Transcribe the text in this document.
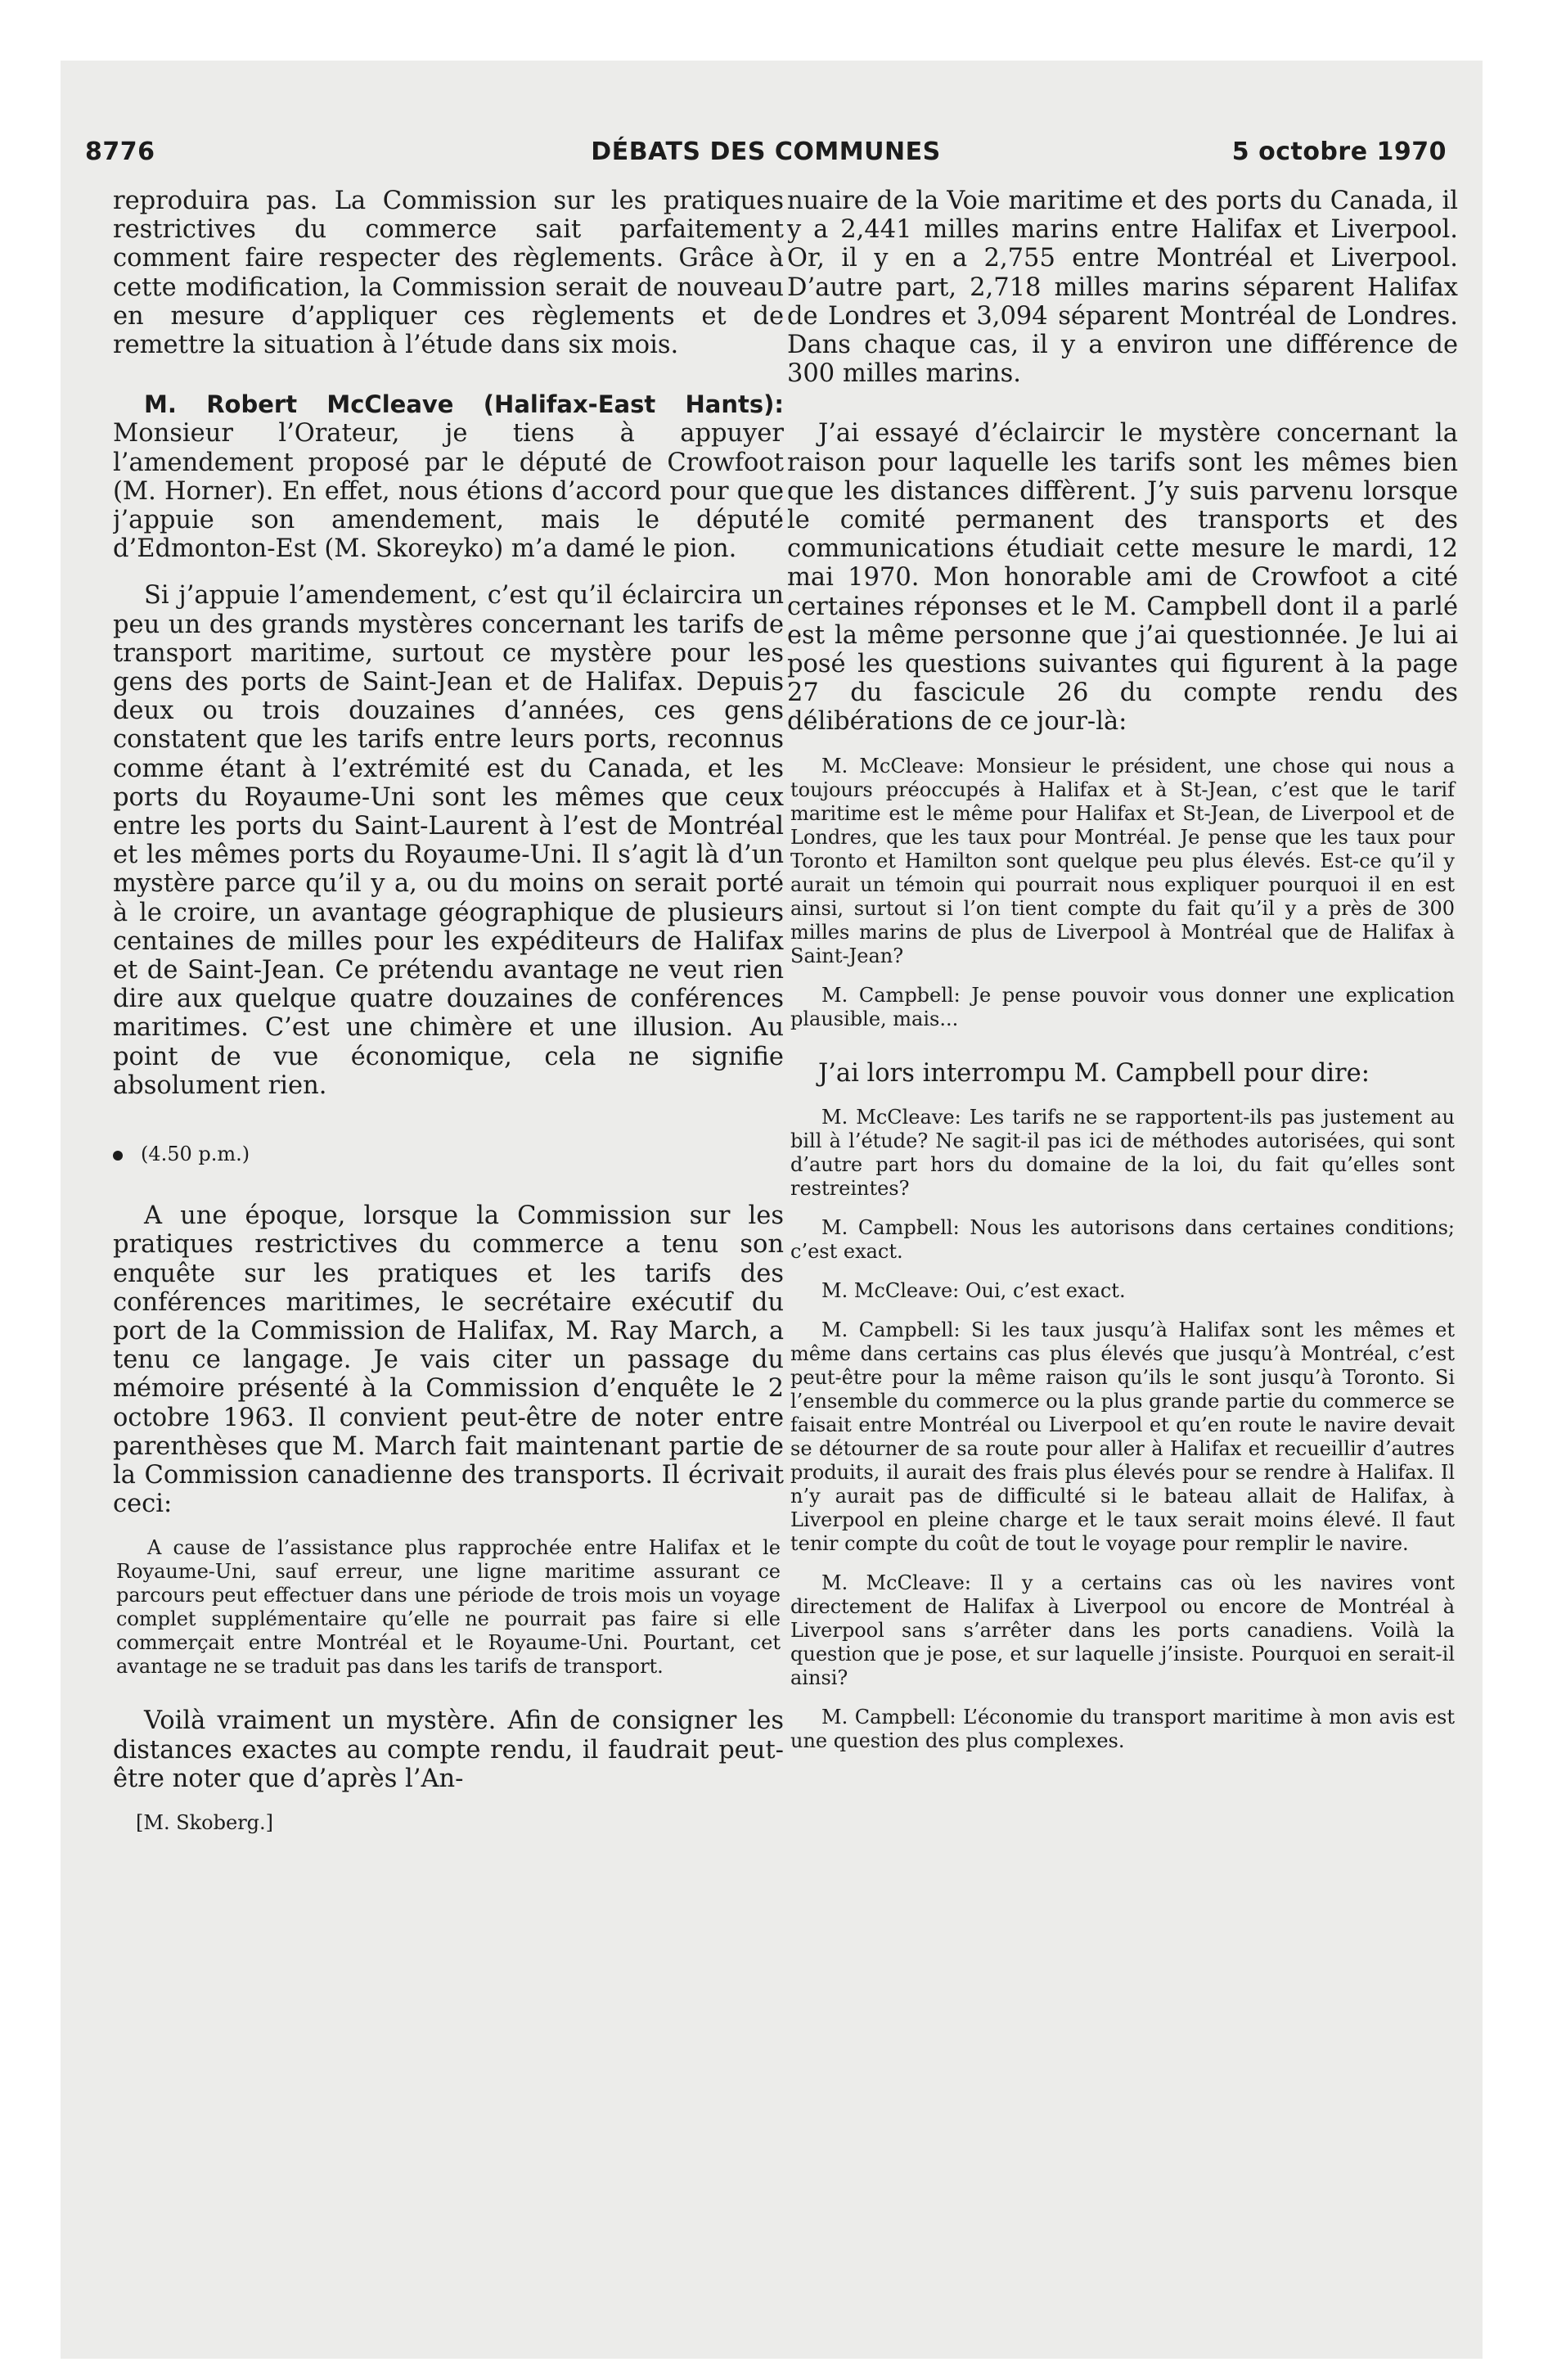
8776	DÉBATS DES COMMUNES	5 octobre 1970

reproduira pas. La Commission sur les pratiques restrictives du commerce sait parfaitement comment faire respecter des règlements. Grâce à cette modification, la Commission serait de nouveau en mesure d’appliquer ces règlements et de remettre la situation à l’étude dans six mois.

M. Robert McCleave (Halifax-East Hants): Monsieur l’Orateur, je tiens à appuyer l’amendement proposé par le député de Crowfoot (M. Horner). En effet, nous étions d’accord pour que j’appuie son amendement, mais le député d’Edmonton-Est (M. Skoreyko) m’a damé le pion.

Si j’appuie l’amendement, c’est qu’il éclaircira un peu un des grands mystères concernant les tarifs de transport maritime, surtout ce mystère pour les gens des ports de Saint-Jean et de Halifax. Depuis deux ou trois douzaines d’années, ces gens constatent que les tarifs entre leurs ports, reconnus comme étant à l’extrémité est du Canada, et les ports du Royaume-Uni sont les mêmes que ceux entre les ports du Saint-Laurent à l’est de Montréal et les mêmes ports du Royaume-Uni. Il s’agit là d’un mystère parce qu’il y a, ou du moins on serait porté à le croire, un avantage géographique de plusieurs centaines de milles pour les expéditeurs de Halifax et de Saint-Jean. Ce prétendu avantage ne veut rien dire aux quelque quatre douzaines de conférences maritimes. C’est une chimère et une illusion. Au point de vue économique, cela ne signifie absolument rien.

(4.50 p.m.)

A une époque, lorsque la Commission sur les pratiques restrictives du commerce a tenu son enquête sur les pratiques et les tarifs des conférences maritimes, le secrétaire exécutif du port de la Commission de Halifax, M. Ray March, a tenu ce langage. Je vais citer un passage du mémoire présenté à la Commission d’enquête le 2 octobre 1963. Il convient peut-être de noter entre parenthèses que M. March fait maintenant partie de la Commission canadienne des transports. Il écrivait ceci:

A cause de l’assistance plus rapprochée entre Halifax et le Royaume-Uni, sauf erreur, une ligne maritime assurant ce parcours peut effectuer dans une période de trois mois un voyage complet supplémentaire qu’elle ne pourrait pas faire si elle commerçait entre Montréal et le Royaume-Uni. Pourtant, cet avantage ne se traduit pas dans les tarifs de transport.

Voilà vraiment un mystère. Afin de consigner les distances exactes au compte rendu, il faudrait peut-être noter que d’après l’An-

[M. Skoberg.]

nuaire de la Voie maritime et des ports du Canada, il y a 2,441 milles marins entre Halifax et Liverpool. Or, il y en a 2,755 entre Montréal et Liverpool. D’autre part, 2,718 milles marins séparent Halifax de Londres et 3,094 séparent Montréal de Londres. Dans chaque cas, il y a environ une différence de 300 milles marins.

J’ai essayé d’éclaircir le mystère concernant la raison pour laquelle les tarifs sont les mêmes bien que les distances diffèrent. J’y suis parvenu lorsque le comité permanent des transports et des communications étudiait cette mesure le mardi, 12 mai 1970. Mon honorable ami de Crowfoot a cité certaines réponses et le M. Campbell dont il a parlé est la même personne que j’ai questionnée. Je lui ai posé les questions suivantes qui figurent à la page 27 du fascicule 26 du compte rendu des délibérations de ce jour-là:

M. McCleave: Monsieur le président, une chose qui nous a toujours préoccupés à Halifax et à St-Jean, c’est que le tarif maritime est le même pour Halifax et St-Jean, de Liverpool et de Londres, que les taux pour Montréal. Je pense que les taux pour Toronto et Hamilton sont quelque peu plus élevés. Est-ce qu’il y aurait un témoin qui pourrait nous expliquer pourquoi il en est ainsi, surtout si l’on tient compte du fait qu’il y a près de 300 milles marins de plus de Liverpool à Montréal que de Halifax à Saint-Jean?

M. Campbell: Je pense pouvoir vous donner une explication plausible, mais...

J’ai lors interrompu M. Campbell pour dire:

M. McCleave: Les tarifs ne se rapportent-ils pas justement au bill à l’étude? Ne sagit-il pas ici de méthodes autorisées, qui sont d’autre part hors du domaine de la loi, du fait qu’elles sont restreintes?

M. Campbell: Nous les autorisons dans certaines conditions; c’est exact.

M. McCleave: Oui, c’est exact.

M. Campbell: Si les taux jusqu’à Halifax sont les mêmes et même dans certains cas plus élevés que jusqu’à Montréal, c’est peut-être pour la même raison qu’ils le sont jusqu’à Toronto. Si l’ensemble du commerce ou la plus grande partie du commerce se faisait entre Montréal ou Liverpool et qu’en route le navire devait se détourner de sa route pour aller à Halifax et recueillir d’autres produits, il aurait des frais plus élevés pour se rendre à Halifax. Il n’y aurait pas de difficulté si le bateau allait de Halifax, à Liverpool en pleine charge et le taux serait moins élevé. Il faut tenir compte du coût de tout le voyage pour remplir le navire.

M. McCleave: Il y a certains cas où les navires vont directement de Halifax à Liverpool ou encore de Montréal à Liverpool sans s’arrêter dans les ports canadiens. Voilà la question que je pose, et sur laquelle j’insiste. Pourquoi en serait-il ainsi?

M. Campbell: L’économie du transport maritime à mon avis est une question des plus complexes.
